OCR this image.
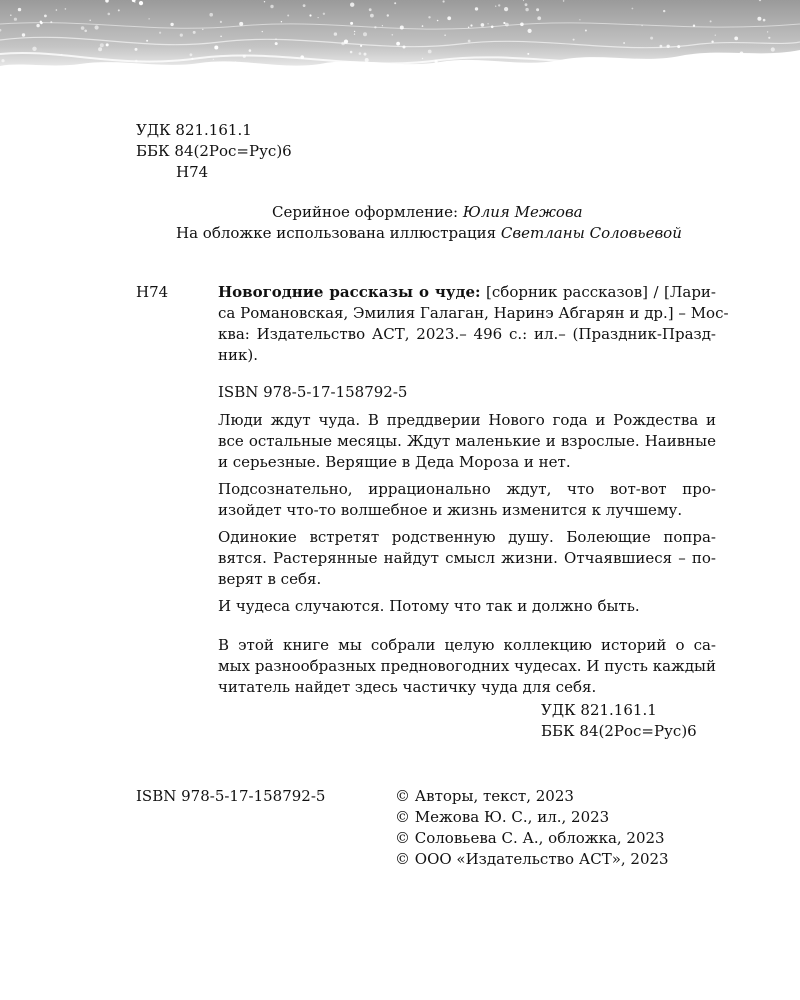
УДК 821.161.1
ББК 84(2Рос=Рус)6
Н74
Серийное оформление: Юлия Межова
На обложке использована иллюстрация Светланы Соловьевой
Н74	Новогодние рассказы о чуде: [сборник рассказов] / [Лари-
са Романовская, Эмилия Галаган, Наринэ Абгарян и др.] – Мос-
ква: Издательство АСТ, 2023.– 496 с.: ил.– (Праздник-Празд-
ник).
ISBN 978-5-17-158792-5
Люди ждут чуда. В преддверии Нового года и Рождества и
все остальные месяцы. Ждут маленькие и взрослые. Наивные
и серьезные. Верящие в Деда Мороза и нет.
Подсознательно, иррационально ждут, что вот-вот про-
изойдет что-то волшебное и жизнь изменится к лучшему.
Одинокие встретят родственную душу. Болеющие попра-
вятся. Растерянные найдут смысл жизни. Отчаявшиеся – по-
верят в себя.
И чудеса случаются. Потому что так и должно быть.
В этой книге мы собрали целую коллекцию историй о са-
мых разнообразных предновогодних чудесах. И пусть каждый
читатель найдет здесь частичку чуда для себя.
УДК 821.161.1
ББК 84(2Рос=Рус)6
ISBN 978-5-17-158792-5	© Авторы, текст, 2023
© Межова Ю. С., ил., 2023
© Соловьева С. А., обложка, 2023
© ООО «Издательство АСТ», 2023
